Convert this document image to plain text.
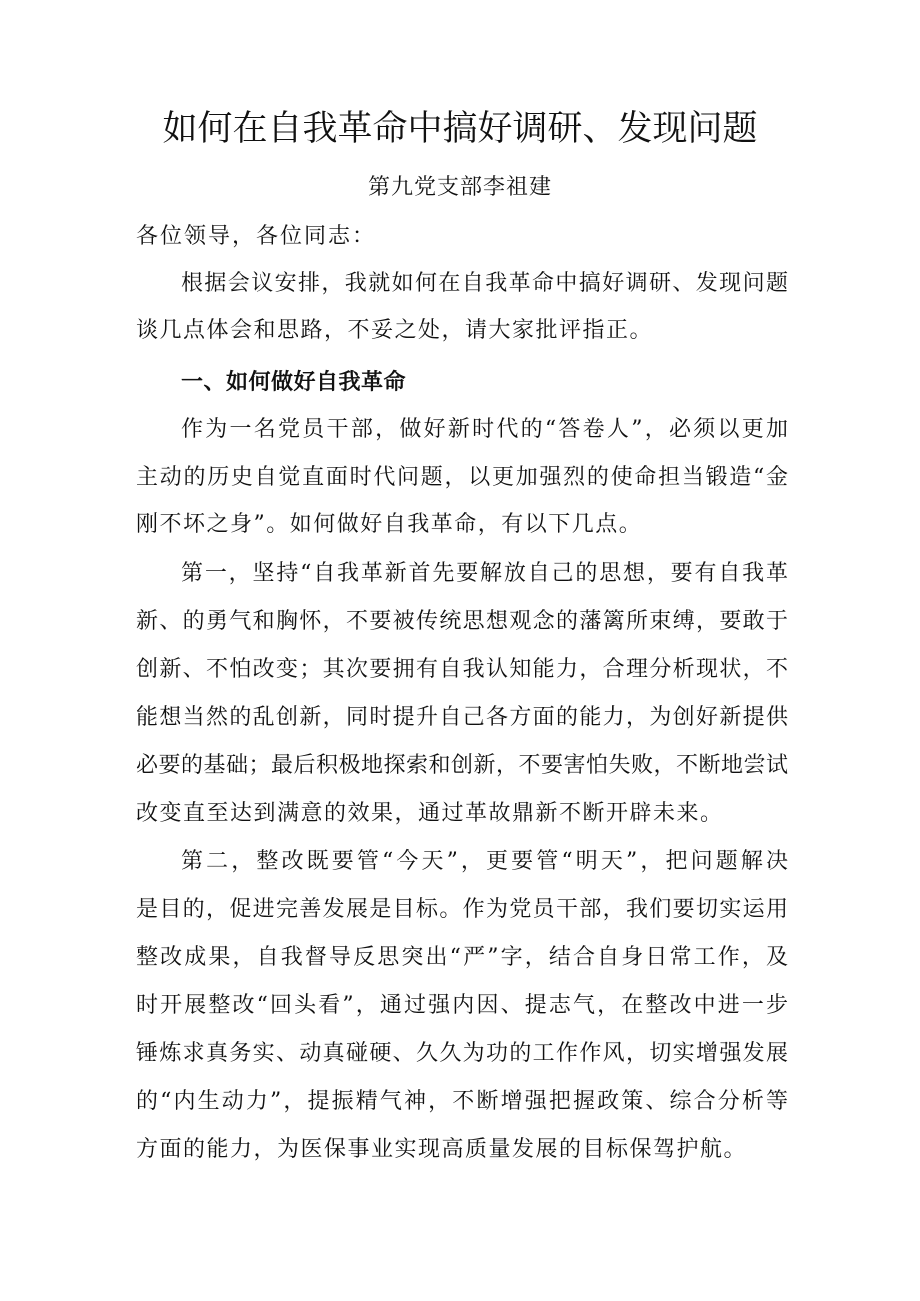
如何在自我革命中搞好调研、发现问题
第九党支部李祖建
各位领导，各位同志：
根据会议安排，我就如何在自我革命中搞好调研、发现问题
谈几点体会和思路，不妥之处，请大家批评指正。
一、如何做好自我革命
作为一名党员干部，做好新时代的“答卷人”，必须以更加
主动的历史自觉直面时代问题，以更加强烈的使命担当锻造“金
刚不坏之身”。如何做好自我革命，有以下几点。
第一，坚持“自我革新首先要解放自己的思想，要有自我革
新、的勇气和胸怀，不要被传统思想观念的藩篱所束缚，要敢于
创新、不怕改变；其次要拥有自我认知能力，合理分析现状，不
能想当然的乱创新，同时提升自己各方面的能力，为创好新提供
必要的基础；最后积极地探索和创新，不要害怕失败，不断地尝试
改变直至达到满意的效果，通过革故鼎新不断开辟未来。
第二，整改既要管“今天”，更要管“明天”，把问题解决
是目的，促进完善发展是目标。作为党员干部，我们要切实运用
整改成果，自我督导反思突出“严”字，结合自身日常工作，及
时开展整改“回头看”，通过强内因、提志气，在整改中进一步
锤炼求真务实、动真碰硬、久久为功的工作作风，切实增强发展
的“内生动力”，提振精气神，不断增强把握政策、综合分析等
方面的能力，为医保事业实现高质量发展的目标保驾护航。
